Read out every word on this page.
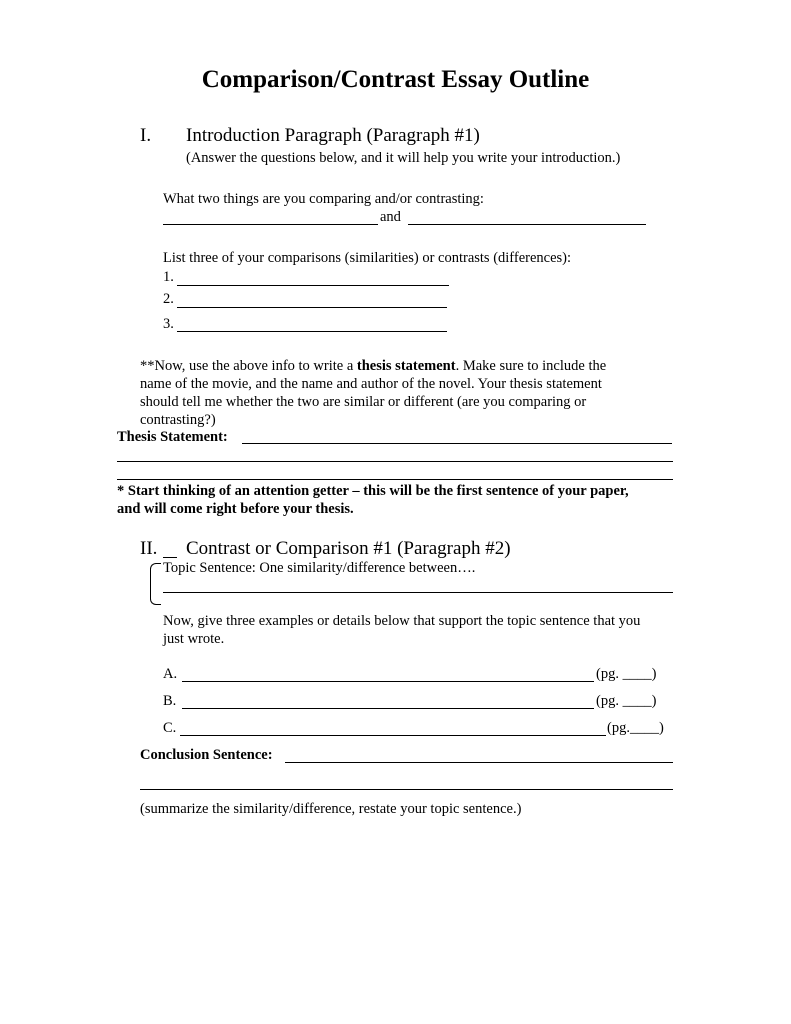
Comparison/Contrast Essay Outline
I. Introduction Paragraph (Paragraph #1)
(Answer the questions below, and it will help you write your introduction.)
What two things are you comparing and/or contrasting:
and
List three of your comparisons (similarities) or contrasts (differences):
1.
2.
3.
**Now, use the above info to write a thesis statement. Make sure to include the
name of the movie, and the name and author of the novel. Your thesis statement
should tell me whether the two are similar or different (are you comparing or
contrasting?)
Thesis Statement:
* Start thinking of an attention getter – this will be the first sentence of your paper,
and will come right before your thesis.
II. Contrast or Comparison #1 (Paragraph #2)
Topic Sentence: One similarity/difference between….
Now, give three examples or details below that support the topic sentence that you
just wrote.
A.	(pg. ____)
B.	(pg. ____)
C.	(pg.____)
Conclusion Sentence:
(summarize the similarity/difference, restate your topic sentence.)
